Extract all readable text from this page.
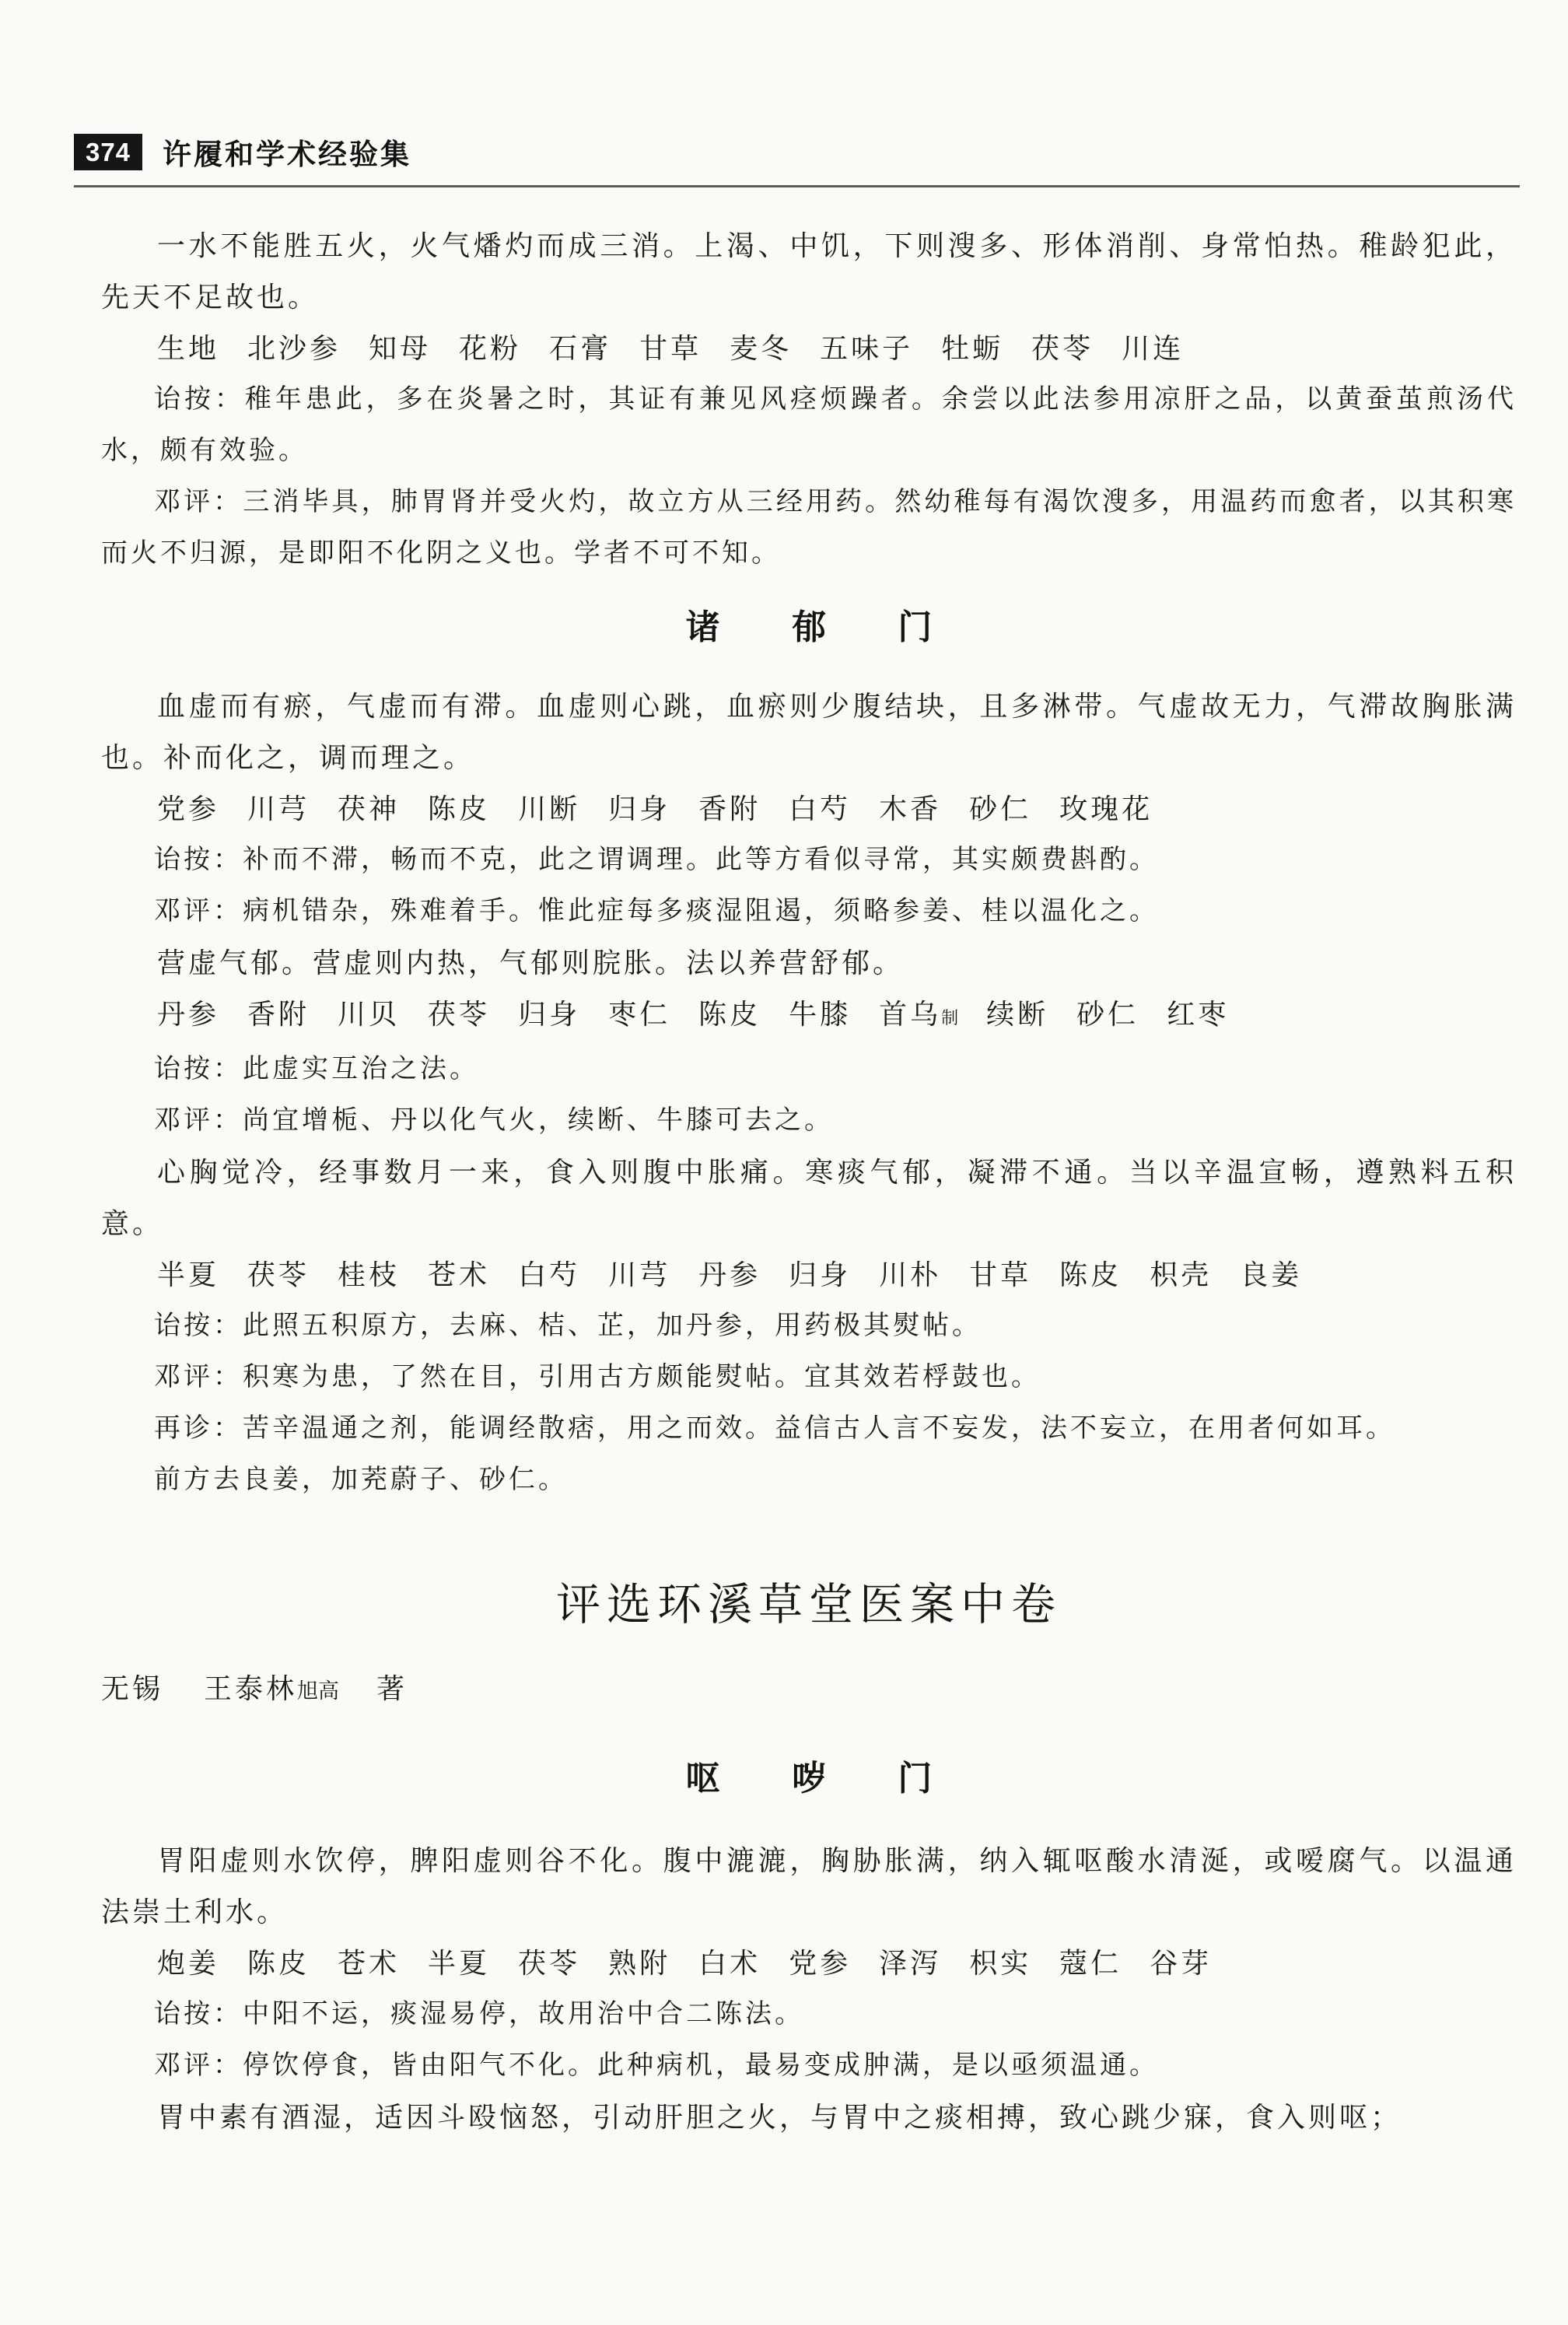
374	许履和学术经验集

一水不能胜五火，火气燔灼而成三消。上渴、中饥，下则溲多、形体消削、身常怕热。稚龄犯此，先天不足故也。

生地 北沙参 知母 花粉 石膏 甘草 麦冬 五味子 牡蛎 茯苓 川连

诒按：稚年患此，多在炎暑之时，其证有兼见风痉烦躁者。余尝以此法参用凉肝之品，以黄蚕茧煎汤代水，颇有效验。

邓评：三消毕具，肺胃肾并受火灼，故立方从三经用药。然幼稚每有渴饮溲多，用温药而愈者，以其积寒而火不归源，是即阳不化阴之义也。学者不可不知。

诸郁门

血虚而有瘀，气虚而有滞。血虚则心跳，血瘀则少腹结块，且多淋带。气虚故无力，气滞故胸胀满也。补而化之，调而理之。

党参 川芎 茯神 陈皮 川断 归身 香附 白芍 木香 砂仁 玫瑰花

诒按：补而不滞，畅而不克，此之谓调理。此等方看似寻常，其实颇费斟酌。

邓评：病机错杂，殊难着手。惟此症每多痰湿阻遏，须略参姜、桂以温化之。

营虚气郁。营虚则内热，气郁则脘胀。法以养营舒郁。

丹参 香附 川贝 茯苓 归身 枣仁 陈皮 牛膝 首乌制 续断 砂仁 红枣

诒按：此虚实互治之法。

邓评：尚宜增栀、丹以化气火，续断、牛膝可去之。

心胸觉冷，经事数月一来，食入则腹中胀痛。寒痰气郁，凝滞不通。当以辛温宣畅，遵熟料五积意。

半夏 茯苓 桂枝 苍术 白芍 川芎 丹参 归身 川朴 甘草 陈皮 枳壳 良姜

诒按：此照五积原方，去麻、桔、芷，加丹参，用药极其熨帖。

邓评：积寒为患，了然在目，引用古方颇能熨帖。宜其效若桴鼓也。

再诊：苦辛温通之剂，能调经散痞，用之而效。益信古人言不妄发，法不妄立，在用者何如耳。

前方去良姜，加茺蔚子、砂仁。

评选环溪草堂医案中卷

无锡 王泰林旭高 著

呕哕门

胃阳虚则水饮停，脾阳虚则谷不化。腹中漉漉，胸胁胀满，纳入辄呕酸水清涎，或嗳腐气。以温通法崇土利水。

炮姜 陈皮 苍术 半夏 茯苓 熟附 白术 党参 泽泻 枳实 蔻仁 谷芽

诒按：中阳不运，痰湿易停，故用治中合二陈法。

邓评：停饮停食，皆由阳气不化。此种病机，最易变成肿满，是以亟须温通。

胃中素有酒湿，适因斗殴恼怒，引动肝胆之火，与胃中之痰相搏，致心跳少寐，食入则呕；
